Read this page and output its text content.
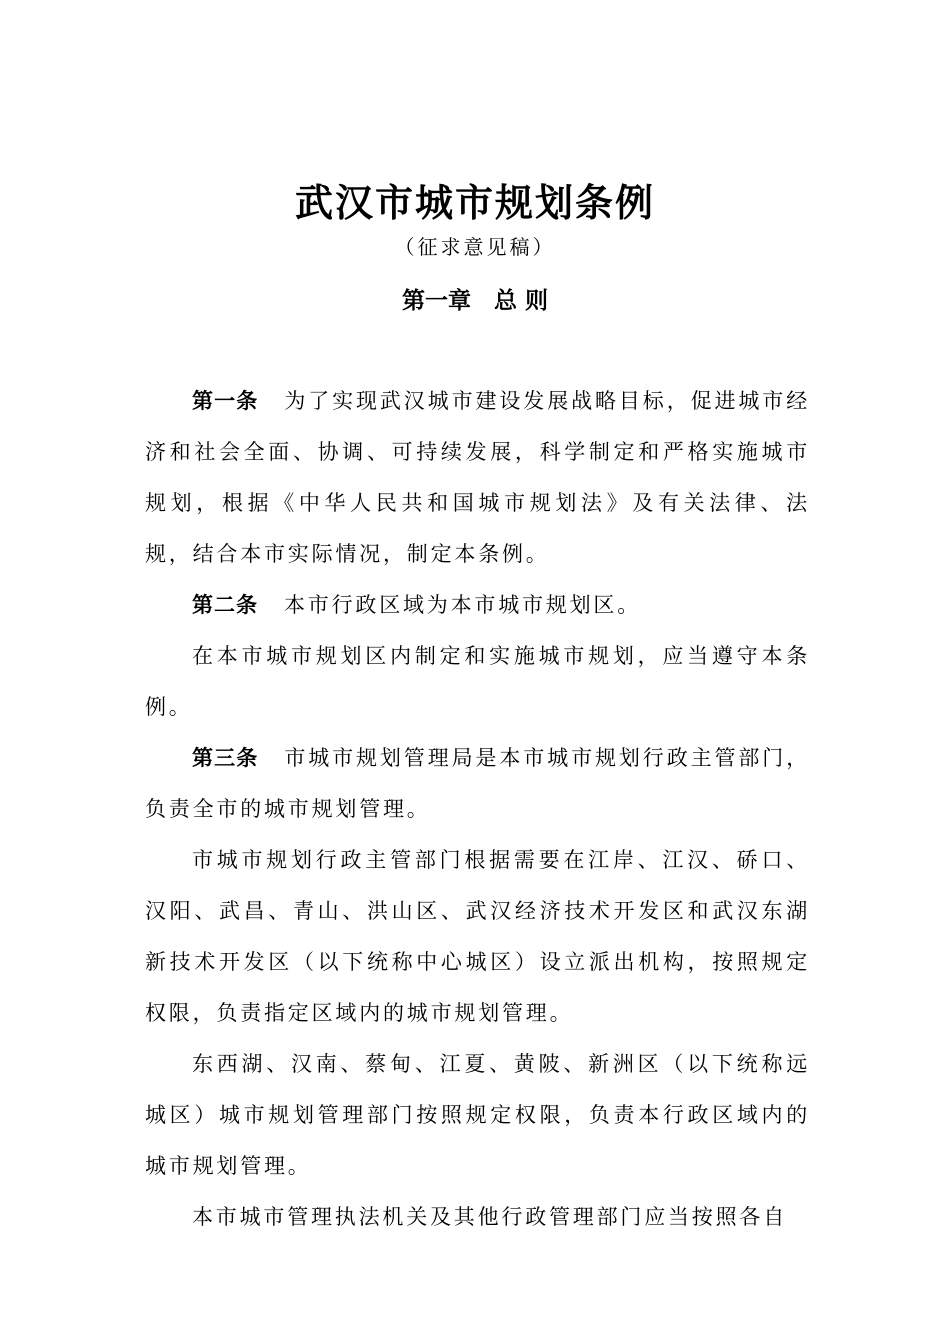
武汉市城市规划条例
（征求意见稿）
第一章　总 则

第一条 为了实现武汉城市建设发展战略目标，促进城市经济和社会全面、协调、可持续发展，科学制定和严格实施城市规划，根据《中华人民共和国城市规划法》及有关法律、法规，结合本市实际情况，制定本条例。

第二条 本市行政区域为本市城市规划区。

在本市城市规划区内制定和实施城市规划，应当遵守本条例。

第三条 市城市规划管理局是本市城市规划行政主管部门，负责全市的城市规划管理。

市城市规划行政主管部门根据需要在江岸、江汉、硚口、汉阳、武昌、青山、洪山区、武汉经济技术开发区和武汉东湖新技术开发区（以下统称中心城区）设立派出机构，按照规定权限，负责指定区域内的城市规划管理。

东西湖、汉南、蔡甸、江夏、黄陂、新洲区（以下统称远城区）城市规划管理部门按照规定权限，负责本行政区域内的城市规划管理。

本市城市管理执法机关及其他行政管理部门应当按照各自
